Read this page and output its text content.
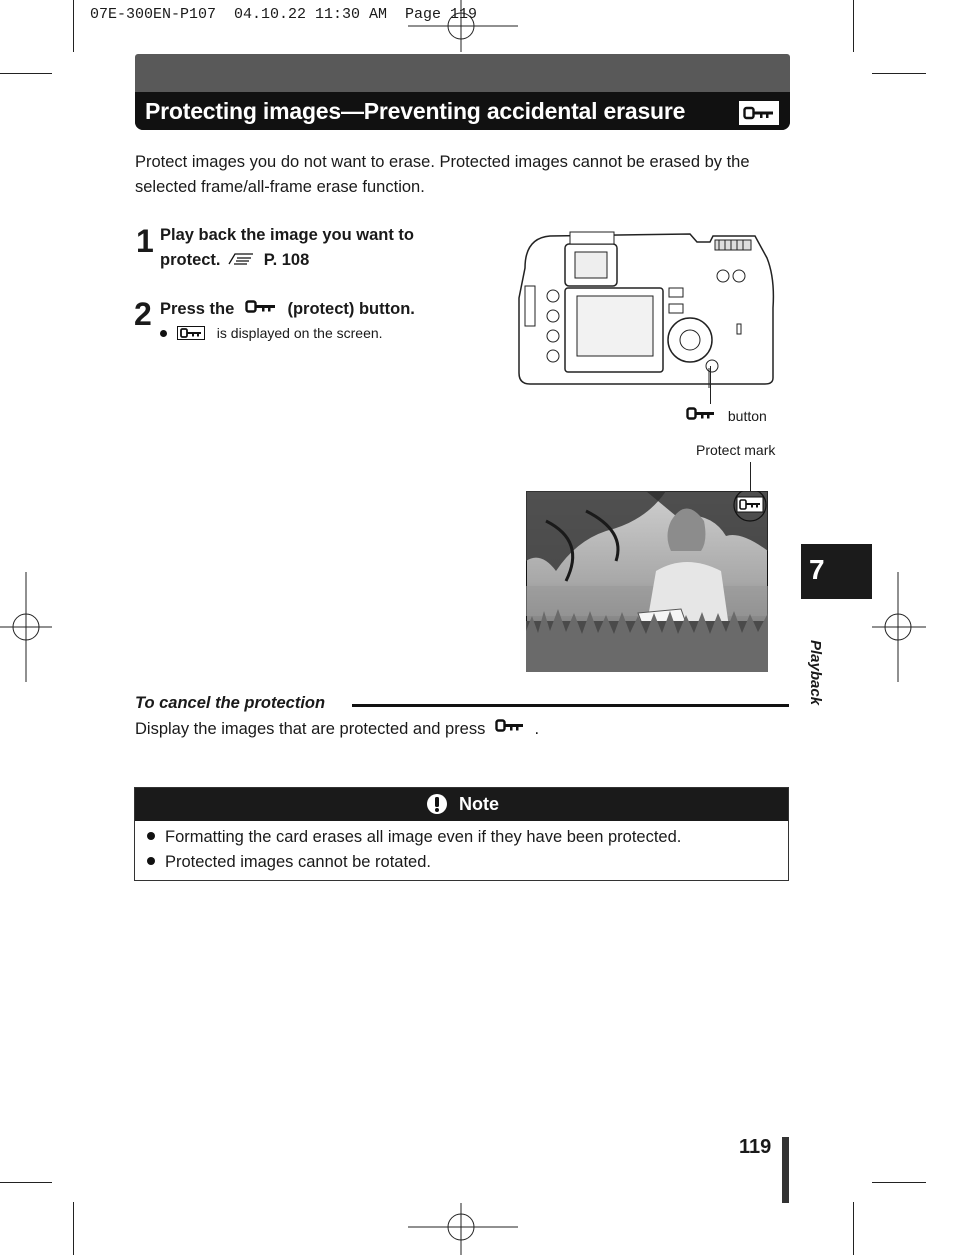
07E-300EN-P107  04.10.22 11:30 AM  Page 119
Protecting images—Preventing accidental erasure

Protect images you do not want to erase. Protected images cannot be erased by the selected frame/all-frame erase function.

1 Play back the image you want to
protect.	P. 108
2 Press the	(protect) button.
is displayed on the screen.
button
Protect mark
7
Playback
To cancel the protection
Display the images that are protected and press	.
Note
Formatting the card erases all image even if they have been protected.
Protected images cannot be rotated.
119
